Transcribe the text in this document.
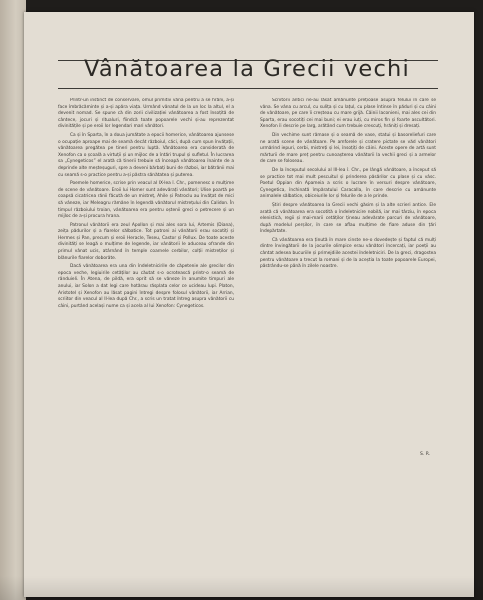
Vânătoarea la Grecii vechi

Printr-un instinct de conservare, omul primitiv vâna pentru a se hrăni, a-și face îmbrăcăminte și a-și apăra viața. Urmând vânatul de la un loc la altul, el a devenit nomad. Se spune că din zorii civilizației vânătoarea a fost însoțită de cântece, jocuri și ritualuri, fiindcă toate popoarele vechi și-au reprezentat divinitățile și pe eroii lor legendari mari vânători.

Ca și în Sparta, în a doua jumătate a epocii homerice, vânătoarea ajunsese o ocupație aproape mai de seamă decât războiul, căci, după cum spun învățații, vânătoarea pregătea pe tineri pentru luptă. Vânătoarea era considerată de Xenofon ca o școală a virtuții și un mijloc de a întări trupul și sufletul. În lucrarea sa „Cynegeticos” el arată că tinerii trebuie să înceapă vânătoarea înainte de a deprinde alte meșteșuguri, spre a deveni bărbați buni de război, iar bătrânii mai cu seamă s-o practice pentru a-și păstra sănătatea și puterea.

Poemele homerice, scrise prin veacul al IX-lea î. Chr., pomenesc o mulțime de scene de vânătoare. Eroii lui Homer sunt adevărați vânători; Ulise poartă pe coapsă cicatricea rănii făcută de un mistreț, Ahile și Patroclu au învățat de mici să vâneze, iar Meleagru rămâne în legendă vânătorul mistrețului din Calidon. În timpul războiului troian, vânătoarea era pentru oștenii greci o petrecere și un mijloc de a-și procura hrana.

Patronul vânătorii era zeul Apollon și mai ales sora lui, Artemis (Diana), zeița pădurilor și a fiarelor sălbatice. Tot patroni ai vânătorii erau socotiți și Hermes și Pan, precum și eroii Heracle, Teseu, Castor și Pollux. De toate aceste divinități se leagă o mulțime de legende, iar vânătorii le aduceau ofrande din primul vânat ucis, atârnând în temple coarnele cerbilor, colții mistreților și blănurile fiarelor doborâte.

Dacă vânătoarea era una din îndeletnicirile de căpetenie ale grecilor din epoca veche, legiuirile cetăților au căutat s-o ocrotească printr-o seamă de rânduieli. În Atena, de pildă, era oprit să se vâneze în anumite timpuri ale anului, iar Solon a dat legi care hotărau răsplata celor ce ucideau lupi. Platon, Aristotel și Xenofon au lăsat pagini întregi despre folosul vânătorii, iar Arrian, scriitor din veacul al II-lea după Chr., a scris un tratat întreg asupra vânătorii cu câini, purtând același nume ca și acela al lui Xenofon: Cynegeticos.

Scriitorii antici ne-au lăsat amănunte prețioase asupra felului în care se vâna. Se vâna cu arcul, cu sulița și cu lațul, cu plase întinse în păduri și cu câini de vânătoare, pe care îi creșteau cu mare grijă. Câinii laconieni, mai ales cei din Sparta, erau socotiți cei mai buni; ei erau iuți, cu miros fin și foarte ascultători. Xenofon îi descrie pe larg, arătând cum trebuie crescuți, hrăniți și dresați.

Din vechime sunt rămase și o seamă de vase, statui și basoreliefuri care ne arată scene de vânătoare. Pe amforele și cratere pictate se văd vânători urmărind iepuri, cerbi, mistreți și lei, însoțiți de câini. Aceste opere de artă sunt mărturii de mare preț pentru cunoașterea vânătorii la vechii greci și a armelor de care se foloseau.

De la începutul secolului al III-lea î. Chr., pe lângă vânătoare, a început să se practice tot mai mult pescuitul și prinderea păsărilor cu plase și cu vâsc. Poetul Oppian din Apameia a scris o lucrare în versuri despre vânătoare, Cynegetica, închinată împăratului Caracalla, în care descrie cu amănunte animalele sălbatice, obiceiurile lor și felurile de a le prinde.

Știri despre vânătoarea la Grecii vechi găsim și la alte scrieri antice. Ele arată că vânătoarea era socotită o îndeletnicire nobilă, iar mai târziu, în epoca elenistică, regii și mai-marii cetăților țineau adevărate parcuri de vânătoare, după modelul perșilor, în care se aflau mulțime de fiare aduse din țări îndepărtate.

Că vânătoarea era ținută în mare cinste ne-o dovedește și faptul că mulți dintre învingătorii de la jocurile olimpice erau vânători încercați, iar poeții au cântat adesea bucuriile și primejdiile acestei îndeletniciri. De la greci, dragostea pentru vânătoare a trecut la romani și de la aceștia la toate popoarele Europei, păstrându-se până în zilele noastre.

S. R.
